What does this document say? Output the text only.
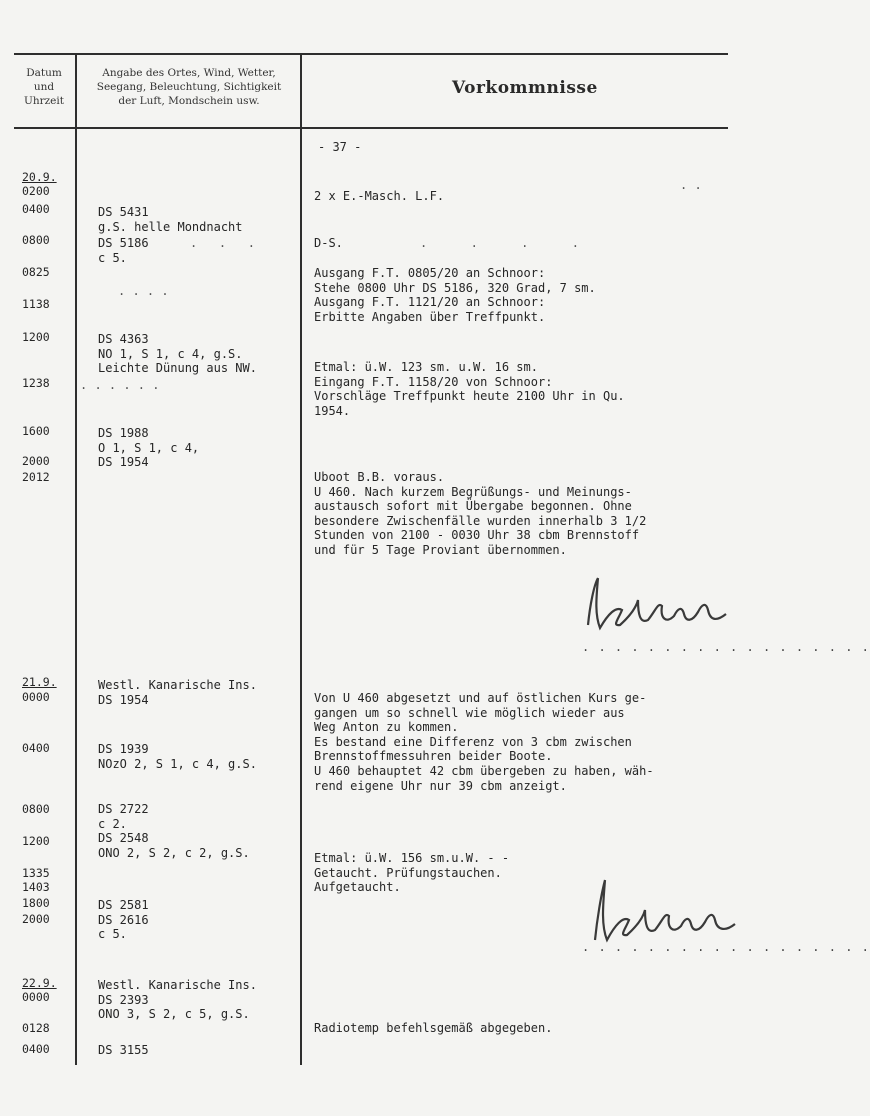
Datum
und
Uhrzeit
Angabe des Ortes, Wind, Wetter,
Seegang, Beleuchtung, Sichtigkeit
der Luft, Mondschein usw.
Vorkommnisse
- 37 -
20.9.
0200
0400
0800
0825
1138
1200
1238
1600
2000
2012
21.9.
0000
0400
0800
1200
1335
1403
1800
2000
22.9.
0000
0128
0400
DS 5431
g.S. helle Mondnacht
DS 5186
c 5.
DS 4363
NO 1, S 1, c 4, g.S.
Leichte Dünung aus NW.
DS 1988
O 1, S 1, c 4,
DS 1954
Westl. Kanarische Ins.
DS 1954
DS 1939
NOzO 2, S 1, c 4, g.S.
DS 2722
c 2.
DS 2548
ONO 2, S 2, c 2, g.S.
DS 2581
DS 2616
c 5.
Westl. Kanarische Ins.
DS 2393
ONO 3, S 2, c 5, g.S.
DS 3155
2 x E.-Masch. L.F.
D-S.
Ausgang F.T. 0805/20 an Schnoor:
Stehe 0800 Uhr DS 5186, 320 Grad, 7 sm.
Ausgang F.T. 1121/20 an Schnoor:
Erbitte Angaben über Treffpunkt.
Etmal: ü.W. 123 sm. u.W. 16 sm.
Eingang F.T. 1158/20 von Schnoor:
Vorschläge Treffpunkt heute 2100 Uhr in Qu.
1954.
Uboot B.B. voraus.
U 460. Nach kurzem Begrüßungs- und Meinungs-
austausch sofort mit Übergabe begonnen. Ohne
besondere Zwischenfälle wurden innerhalb 3 1/2
Stunden von 2100 - 0030 Uhr 38 cbm Brennstoff
und für 5 Tage Proviant übernommen.
Von U 460 abgesetzt und auf östlichen Kurs ge-
gangen um so schnell wie möglich wieder aus
Weg Anton zu kommen.
Es bestand eine Differenz von 3 cbm zwischen
Brennstoffmessuhren beider Boote.
U 460 behauptet 42 cbm übergeben zu haben, wäh-
rend eigene Uhr nur 39 cbm anzeigt.
Etmal: ü.W. 156 sm.u.W. - -
Getaucht. Prüfungstauchen.
Aufgetaucht.
Radiotemp befehlsgemäß abgegeben.
.   .   .
. . . .
. . . . . .
.      .      .      .
. .
. . . . . . . . . . . . . . . . . .
. . . . . . . . . . . . . . . . . .
